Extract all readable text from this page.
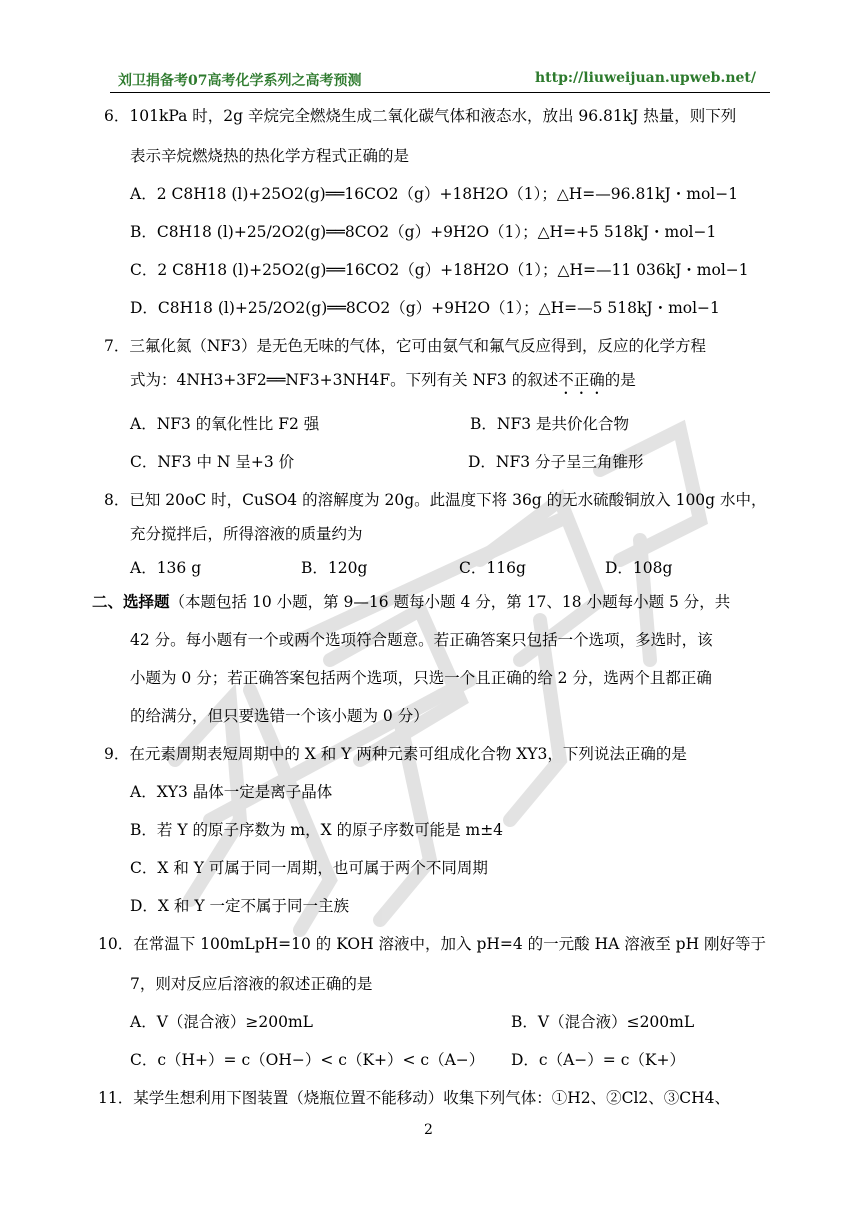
刘卫捐备考07高考化学系列之高考预测	http://liuweijuan.upweb.net/
6．101kPa 时，2g 辛烷完全燃烧生成二氧化碳气体和液态水，放出 96.81kJ 热量，则下列
表示辛烷燃烧热的热化学方程式正确的是
A．2 C8H18 (l)+25O2(g)══16CO2（g）+18H2O（1）；△H=—96.81kJ・mol−1
B．C8H18 (l)+25/2O2(g)══8CO2（g）+9H2O（1）；△H=+5 518kJ・mol−1
C．2 C8H18 (l)+25O2(g)══16CO2（g）+18H2O（1）；△H=—11 036kJ・mol−1
D．C8H18 (l)+25/2O2(g)══8CO2（g）+9H2O（1）；△H=—5 518kJ・mol−1
7．三氟化氮（NF3）是无色无味的气体，它可由氨气和氟气反应得到，反应的化学方程
式为：4NH3+3F2══NF3+3NH4F。下列有关 NF3 的叙述不正确的是
A．NF3 的氧化性比 F2 强	B．NF3 是共价化合物
C．NF3 中 N 呈+3 价	D．NF3 分子呈三角锥形
8．已知 20oC 时，CuSO4 的溶解度为 20g。此温度下将 36g 的无水硫酸铜放入 100g 水中，
充分搅拌后，所得溶液的质量约为
A．136 g	B．120g	C．116g	D．108g
二、选择题（本题包括 10 小题，第 9—16 题每小题 4 分，第 17、18 小题每小题 5 分，共
42 分。每小题有一个或两个选项符合题意。若正确答案只包括一个选项，多选时，该
小题为 0 分；若正确答案包括两个选项，只选一个且正确的给 2 分，选两个且都正确
的给满分，但只要选错一个该小题为 0 分）
9．在元素周期表短周期中的 X 和 Y 两种元素可组成化合物 XY3，下列说法正确的是
A．XY3 晶体一定是离子晶体
B．若 Y 的原子序数为 m，X 的原子序数可能是 m±4
C．X 和 Y 可属于同一周期，也可属于两个不同周期
D．X 和 Y 一定不属于同一主族
10．在常温下 100mLpH=10 的 KOH 溶液中，加入 pH=4 的一元酸 HA 溶液至 pH 刚好等于
7，则对反应后溶液的叙述正确的是
A．V（混合液）≥200mL	B．V（混合液）≤200mL
C．c（H+）= c（OH−）< c（K+）< c（A−） D．c（A−）= c（K+）
11．某学生想利用下图装置（烧瓶位置不能移动）收集下列气体：①H2、②Cl2、③CH4、
2
